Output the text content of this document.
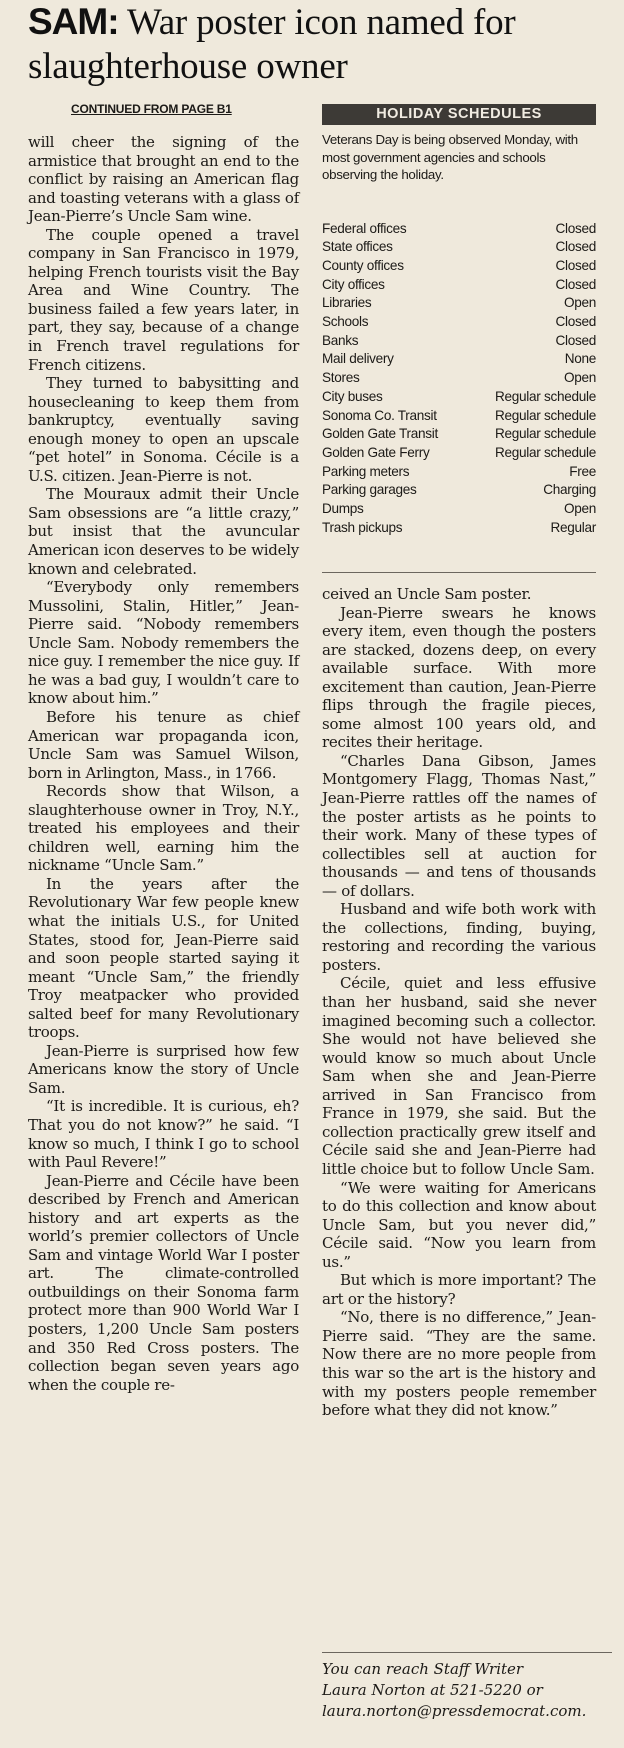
SAM: War poster icon named for slaughterhouse owner
CONTINUED FROM PAGE B1

will cheer the signing of the armistice that brought an end to the conflict by raising an American flag and toasting veterans with a glass of Jean-Pierre’s Uncle Sam wine.

The couple opened a travel company in San Francisco in 1979, helping French tourists visit the Bay Area and Wine Country. The business failed a few years later, in part, they say, because of a change in French travel regulations for French citizens.

They turned to babysitting and housecleaning to keep them from bankruptcy, eventually saving enough money to open an upscale “pet hotel” in Sonoma. Cécile is a U.S. citizen. Jean-Pierre is not.

The Mouraux admit their Uncle Sam obsessions are “a little crazy,” but insist that the avuncular American icon deserves to be widely known and celebrated.

“Everybody only remembers Mussolini, Stalin, Hitler,” Jean-Pierre said. “Nobody remembers Uncle Sam. Nobody remembers the nice guy. I remember the nice guy. If he was a bad guy, I wouldn’t care to know about him.”

Before his tenure as chief American war propaganda icon, Uncle Sam was Samuel Wilson, born in Arlington, Mass., in 1766.

Records show that Wilson, a slaughterhouse owner in Troy, N.Y., treated his employees and their children well, earning him the nickname “Uncle Sam.”

In the years after the Revolutionary War few people knew what the initials U.S., for United States, stood for, Jean-Pierre said and soon people started saying it meant “Uncle Sam,” the friendly Troy meatpacker who provided salted beef for many Revolutionary troops.

Jean-Pierre is surprised how few Americans know the story of Uncle Sam.

“It is incredible. It is curious, eh? That you do not know?” he said. “I know so much, I think I go to school with Paul Revere!”

Jean-Pierre and Cécile have been described by French and American history and art experts as the world’s premier collectors of Uncle Sam and vintage World War I poster art. The climate-controlled outbuildings on their Sonoma farm protect more than 900 World War I posters, 1,200 Uncle Sam posters and 350 Red Cross posters. The collection began seven years ago when the couple re-

HOLIDAY SCHEDULES
Veterans Day is being observed Monday, with most government agencies and schools observing the holiday.
Federal offices	Closed
State offices	Closed
County offices	Closed
City offices	Closed
Libraries	Open
Schools	Closed
Banks	Closed
Mail delivery	None
Stores	Open
City buses	Regular schedule
Sonoma Co. Transit	Regular schedule
Golden Gate Transit	Regular schedule
Golden Gate Ferry	Regular schedule
Parking meters	Free
Parking garages	Charging
Dumps	Open
Trash pickups	Regular

ceived an Uncle Sam poster.

Jean-Pierre swears he knows every item, even though the posters are stacked, dozens deep, on every available surface. With more excitement than caution, Jean-Pierre flips through the fragile pieces, some almost 100 years old, and recites their heritage.

“Charles Dana Gibson, James Montgomery Flagg, Thomas Nast,” Jean-Pierre rattles off the names of the poster artists as he points to their work. Many of these types of collectibles sell at auction for thousands — and tens of thousands — of dollars.

Husband and wife both work with the collections, finding, buying, restoring and recording the various posters.

Cécile, quiet and less effusive than her husband, said she never imagined becoming such a collector. She would not have believed she would know so much about Uncle Sam when she and Jean-Pierre arrived in San Francisco from France in 1979, she said. But the collection practically grew itself and Cécile said she and Jean-Pierre had little choice but to follow Uncle Sam.

“We were waiting for Americans to do this collection and know about Uncle Sam, but you never did,” Cécile said. “Now you learn from us.”

But which is more important? The art or the history?

“No, there is no difference,” Jean-Pierre said. “They are the same. Now there are no more people from this war so the art is the history and with my posters people remember before what they did not know.”

You can reach Staff Writer
Laura Norton at 521-5220 or
laura.norton@pressdemocrat.com.
